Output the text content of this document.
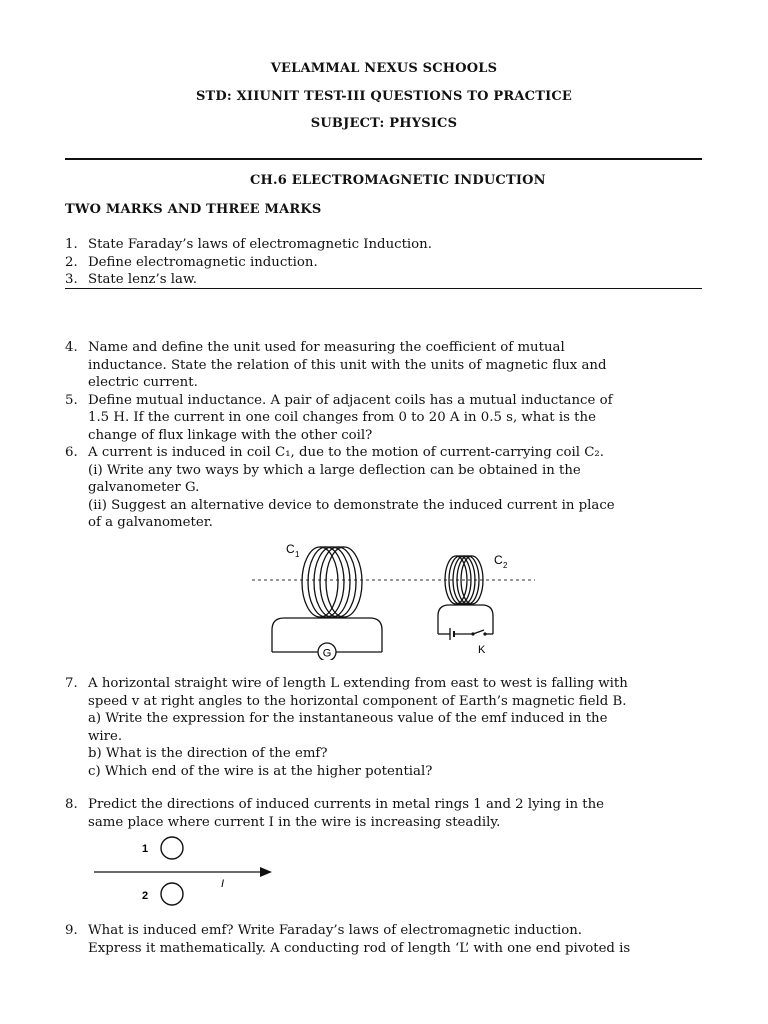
VELAMMAL NEXUS SCHOOLS
STD: XIIUNIT TEST-III QUESTIONS TO PRACTICE
SUBJECT: PHYSICS
CH.6 ELECTROMAGNETIC INDUCTION
TWO MARKS AND THREE MARKS
1. State Faraday’s laws of electromagnetic Induction.
2. Define electromagnetic induction.
3. State lenz’s law.
4. Name and define the unit used for measuring the coefficient of mutual
inductance. State the relation of this unit with the units of magnetic flux and
electric current.
5. Define mutual inductance. A pair of adjacent coils has a mutual inductance of
1.5 H. If the current in one coil changes from 0 to 20 A in 0.5 s, what is the
change of flux linkage with the other coil?
6. A current is induced in coil C₁, due to the motion of current-carrying coil C₂.
(i) Write any two ways by which a large deflection can be obtained in the
galvanometer G.
(ii) Suggest an alternative device to demonstrate the induced current in place
of a galvanometer.
G
C 1
K
C 2
7. A horizontal straight wire of length L extending from east to west is falling with
speed v at right angles to the horizontal component of Earth’s magnetic field B.
a) Write the expression for the instantaneous value of the emf induced in the
wire.
b) What is the direction of the emf?
c) Which end of the wire is at the higher potential?
8. Predict the directions of induced currents in metal rings 1 and 2 lying in the
same place where current I in the wire is increasing steadily.
1
I
2
9. What is induced emf? Write Faraday’s laws of electromagnetic induction.
Express it mathematically. A conducting rod of length ‘L’ with one end pivoted is
